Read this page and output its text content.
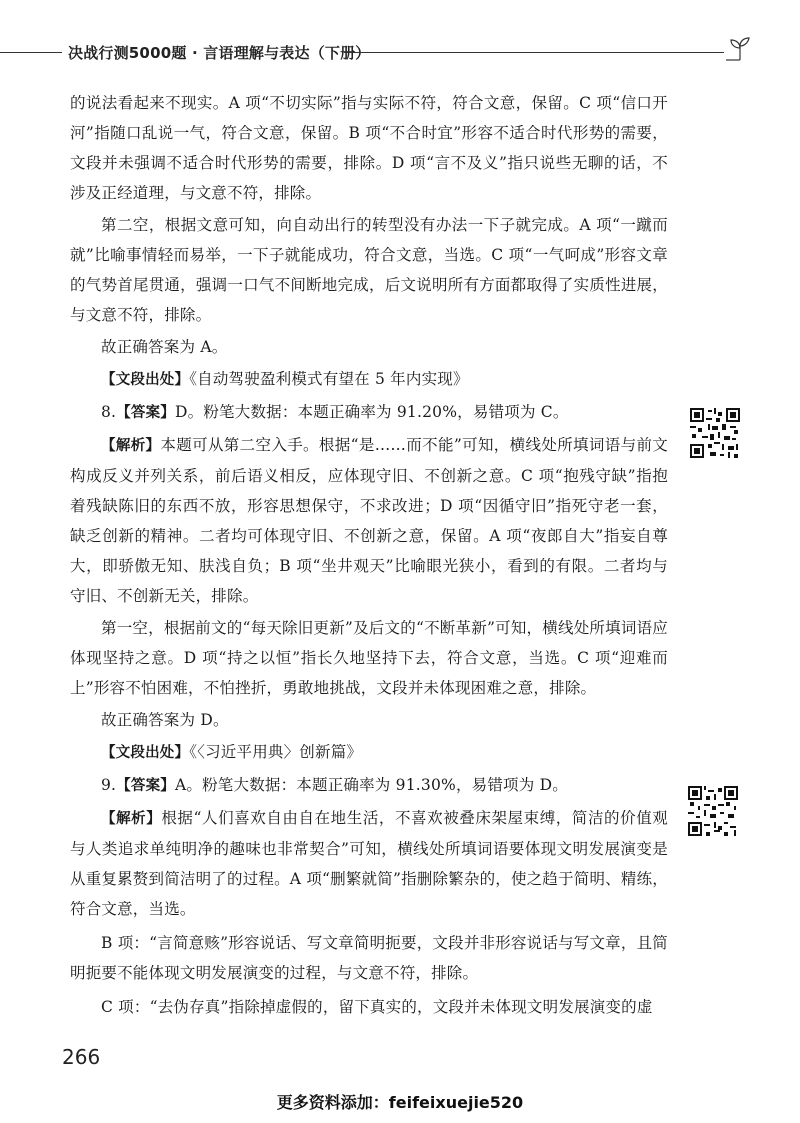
决战行测5000题 · 言语理解与表达（下册）

的说法看起来不现实。A 项“不切实际”指与实际不符，符合文意，保留。C 项“信口开河”指随口乱说一气，符合文意，保留。B 项“不合时宜”形容不适合时代形势的需要，文段并未强调不适合时代形势的需要，排除。D 项“言不及义”指只说些无聊的话，不涉及正经道理，与文意不符，排除。

第二空，根据文意可知，向自动出行的转型没有办法一下子就完成。A 项“一蹴而就”比喻事情轻而易举，一下子就能成功，符合文意，当选。C 项“一气呵成”形容文章的气势首尾贯通，强调一口气不间断地完成，后文说明所有方面都取得了实质性进展，与文意不符，排除。

故正确答案为 A。

【文段出处】《自动驾驶盈利模式有望在 5 年内实现》

8.【答案】D。粉笔大数据：本题正确率为 91.20%，易错项为 C。

【解析】本题可从第二空入手。根据“是……而不能”可知，横线处所填词语与前文构成反义并列关系，前后语义相反，应体现守旧、不创新之意。C 项“抱残守缺”指抱着残缺陈旧的东西不放，形容思想保守，不求改进；D 项“因循守旧”指死守老一套，缺乏创新的精神。二者均可体现守旧、不创新之意，保留。A 项“夜郎自大”指妄自尊大，即骄傲无知、肤浅自负；B 项“坐井观天”比喻眼光狭小，看到的有限。二者均与守旧、不创新无关，排除。

第一空，根据前文的“每天除旧更新”及后文的“不断革新”可知，横线处所填词语应体现坚持之意。D 项“持之以恒”指长久地坚持下去，符合文意，当选。C 项“迎难而上”形容不怕困难，不怕挫折，勇敢地挑战，文段并未体现困难之意，排除。

故正确答案为 D。

【文段出处】《〈习近平用典〉创新篇》

9.【答案】A。粉笔大数据：本题正确率为 91.30%，易错项为 D。

【解析】根据“人们喜欢自由自在地生活，不喜欢被叠床架屋束缚，简洁的价值观与人类追求单纯明净的趣味也非常契合”可知，横线处所填词语要体现文明发展演变是从重复累赘到简洁明了的过程。A 项“删繁就简”指删除繁杂的，使之趋于简明、精练，符合文意，当选。

B 项：“言简意赅”形容说话、写文章简明扼要，文段并非形容说话与写文章，且简明扼要不能体现文明发展演变的过程，与文意不符，排除。

C 项：“去伪存真”指除掉虚假的，留下真实的，文段并未体现文明发展演变的虚

266
更多资料添加：feifeixuejie520
